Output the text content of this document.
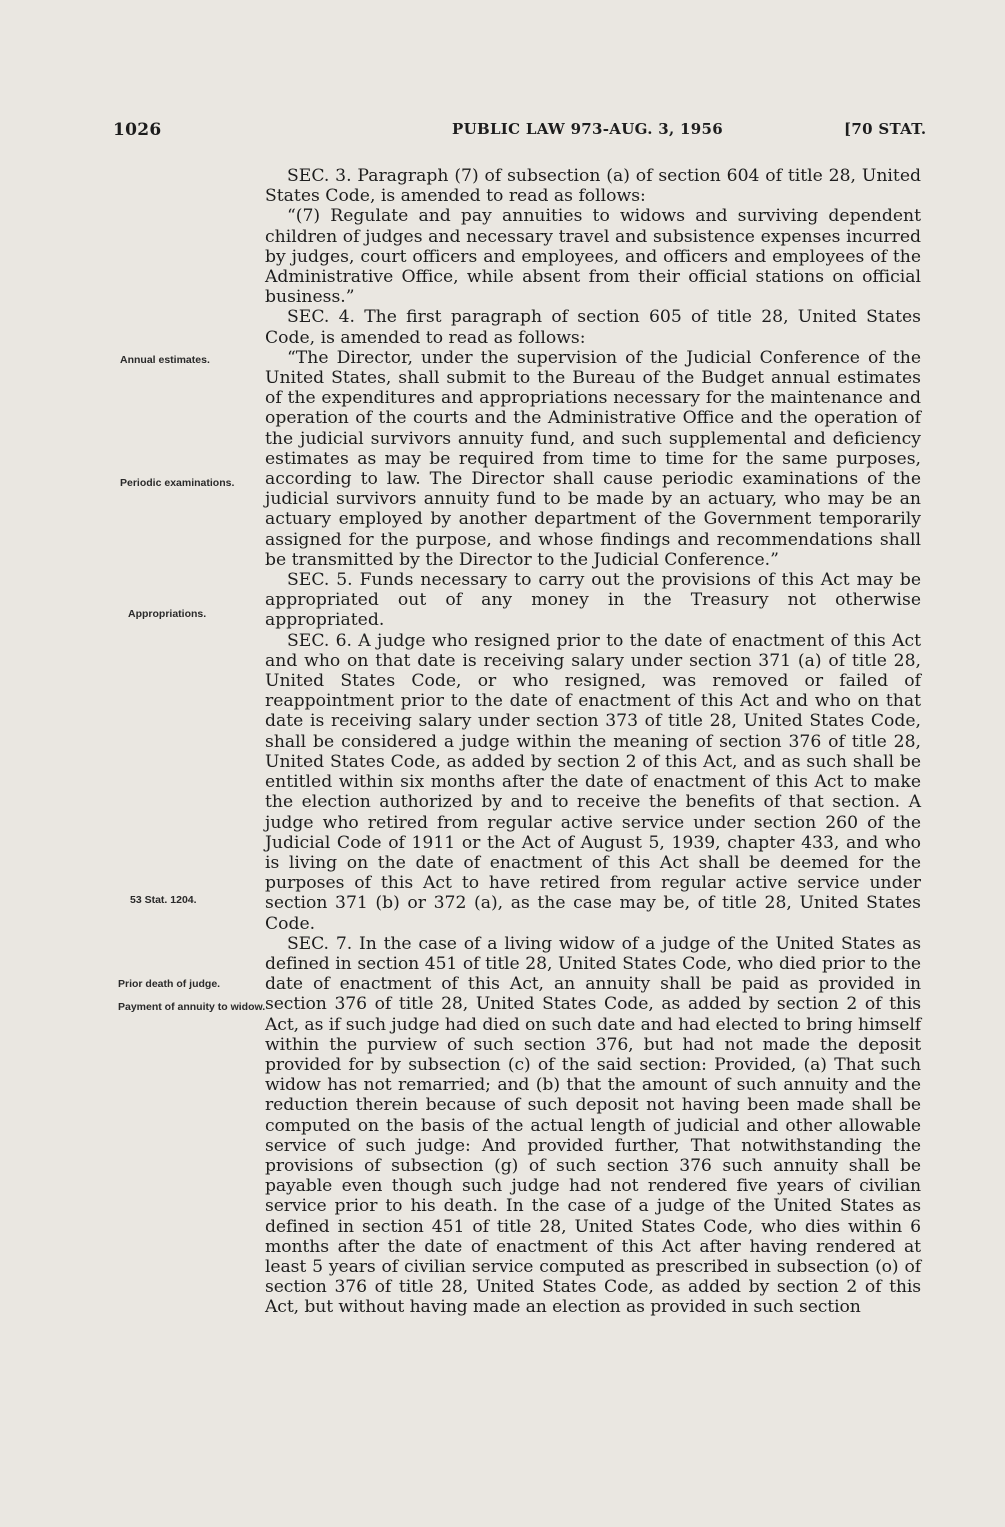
1026	PUBLIC LAW 973-AUG. 3, 1956	[70 STAT.
Annual estimates.
Periodic examinations.
Appropriations.
53 Stat. 1204.
Prior death of judge.
Payment of annuity to widow.

SEC. 3. Paragraph (7) of subsection (a) of section 604 of title 28, United States Code, is amended to read as follows:

“(7) Regulate and pay annuities to widows and surviving dependent children of judges and necessary travel and subsistence expenses incurred by judges, court officers and employees, and officers and employees of the Administrative Office, while absent from their official stations on official business.”

SEC. 4. The first paragraph of section 605 of title 28, United States Code, is amended to read as follows:

“The Director, under the supervision of the Judicial Conference of the United States, shall submit to the Bureau of the Budget annual estimates of the expenditures and appropriations necessary for the maintenance and operation of the courts and the Administrative Office and the operation of the judicial survivors annuity fund, and such supplemental and deficiency estimates as may be required from time to time for the same purposes, according to law. The Director shall cause periodic examinations of the judicial survivors annuity fund to be made by an actuary, who may be an actuary employed by another department of the Government temporarily assigned for the purpose, and whose findings and recommendations shall be transmitted by the Director to the Judicial Conference.”

SEC. 5. Funds necessary to carry out the provisions of this Act may be appropriated out of any money in the Treasury not otherwise appropriated.

SEC. 6. A judge who resigned prior to the date of enactment of this Act and who on that date is receiving salary under section 371 (a) of title 28, United States Code, or who resigned, was removed or failed of reappointment prior to the date of enactment of this Act and who on that date is receiving salary under section 373 of title 28, United States Code, shall be considered a judge within the meaning of section 376 of title 28, United States Code, as added by section 2 of this Act, and as such shall be entitled within six months after the date of enactment of this Act to make the election authorized by and to receive the benefits of that section. A judge who retired from regular active service under section 260 of the Judicial Code of 1911 or the Act of August 5, 1939, chapter 433, and who is living on the date of enactment of this Act shall be deemed for the purposes of this Act to have retired from regular active service under section 371 (b) or 372 (a), as the case may be, of title 28, United States Code.

SEC. 7. In the case of a living widow of a judge of the United States as defined in section 451 of title 28, United States Code, who died prior to the date of enactment of this Act, an annuity shall be paid as provided in section 376 of title 28, United States Code, as added by section 2 of this Act, as if such judge had died on such date and had elected to bring himself within the purview of such section 376, but had not made the deposit provided for by subsection (c) of the said section: Provided, (a) That such widow has not remarried; and (b) that the amount of such annuity and the reduction therein because of such deposit not having been made shall be computed on the basis of the actual length of judicial and other allowable service of such judge: And provided further, That notwithstanding the provisions of subsection (g) of such section 376 such annuity shall be payable even though such judge had not rendered five years of civilian service prior to his death. In the case of a judge of the United States as defined in section 451 of title 28, United States Code, who dies within 6 months after the date of enactment of this Act after having rendered at least 5 years of civilian service computed as prescribed in subsection (o) of section 376 of title 28, United States Code, as added by section 2 of this Act, but without having made an election as provided in such section
